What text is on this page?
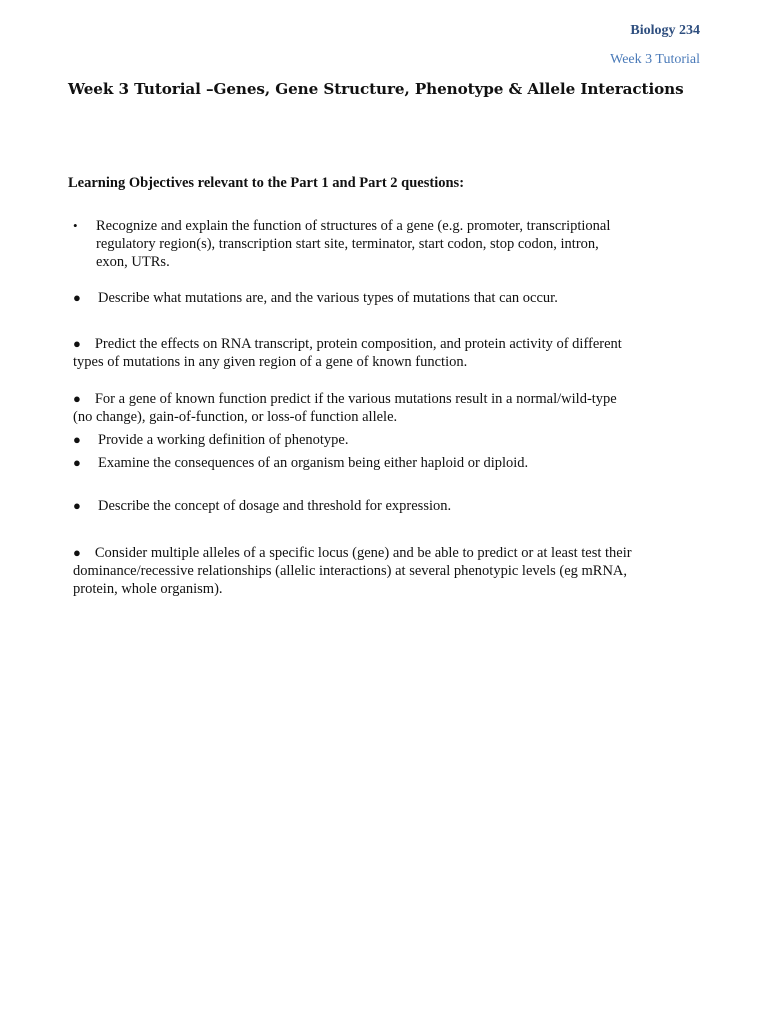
Biology 234
Week 3 Tutorial
Week 3 Tutorial –Genes, Gene Structure, Phenotype & Allele Interactions
Learning Objectives relevant to the Part 1 and Part 2 questions:
•	Recognize and explain the function of structures of a gene (e.g. promoter, transcriptional regulatory region(s), transcription start site, terminator, start codon, stop codon, intron, exon, UTRs.
●	Describe what mutations are, and the various types of mutations that can occur.
● Predict the effects on RNA transcript, protein composition, and protein activity of different types of mutations in any given region of a gene of known function.
● For a gene of known function predict if the various mutations result in a normal/wild-type (no change), gain-of-function, or loss-of function allele.
●	Provide a working definition of phenotype.
●	Examine the consequences of an organism being either haploid or diploid.
●	Describe the concept of dosage and threshold for expression.
● Consider multiple alleles of a specific locus (gene) and be able to predict or at least test their dominance/recessive relationships (allelic interactions) at several phenotypic levels (eg mRNA, protein, whole organism).
